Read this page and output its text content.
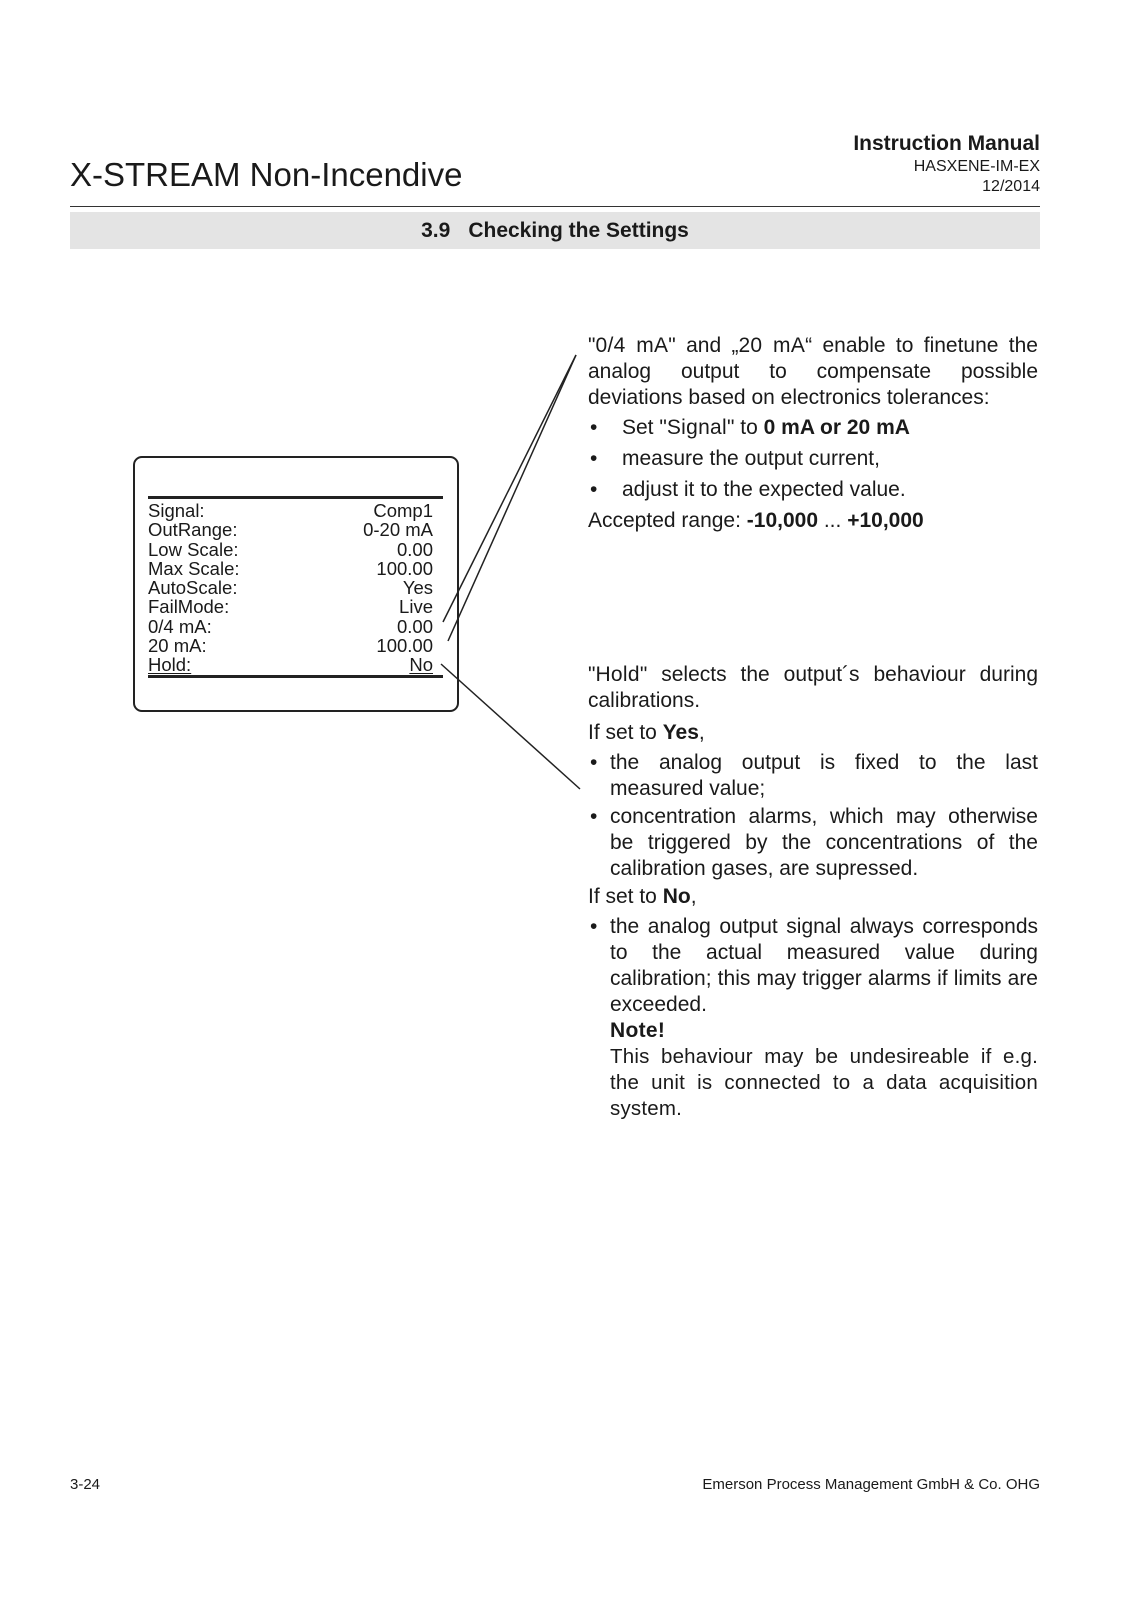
X-STREAM Non-Incendive
Instruction Manual
HASXENE-IM-EX
12/2014
3.9 Checking the Settings
Signal:	Comp1
OutRange:	0-20 mA
Low Scale:	0.00
Max Scale:	100.00
AutoScale:	Yes
FailMode:	Live
0/4 mA:	0.00
20 mA:	100.00
Hold:	No

"0/4 mA" and „20 mA“ enable to finetune the analog output to compensate possible deviations based on electronics tolerances:

• Set "Signal" to 0 mA or 20 mA
• measure the output current,
• adjust it to the expected value.

Accepted range: -10,000 ... +10,000

"Hold" selects the output´s behaviour during calibrations.

If set to Yes,

• the analog output is fixed to the last measured value;
• concentration alarms, which may otherwise be triggered by the concentrations of the calibration gases, are supressed.

If set to No,

• the analog output signal always corresponds to the actual measured value during calibration; this may trigger alarms if limits are exceeded.
Note!
This behaviour may be undesireable if e.g. the unit is connected to a data acquisition system.
3-24	Emerson Process Management GmbH & Co. OHG
